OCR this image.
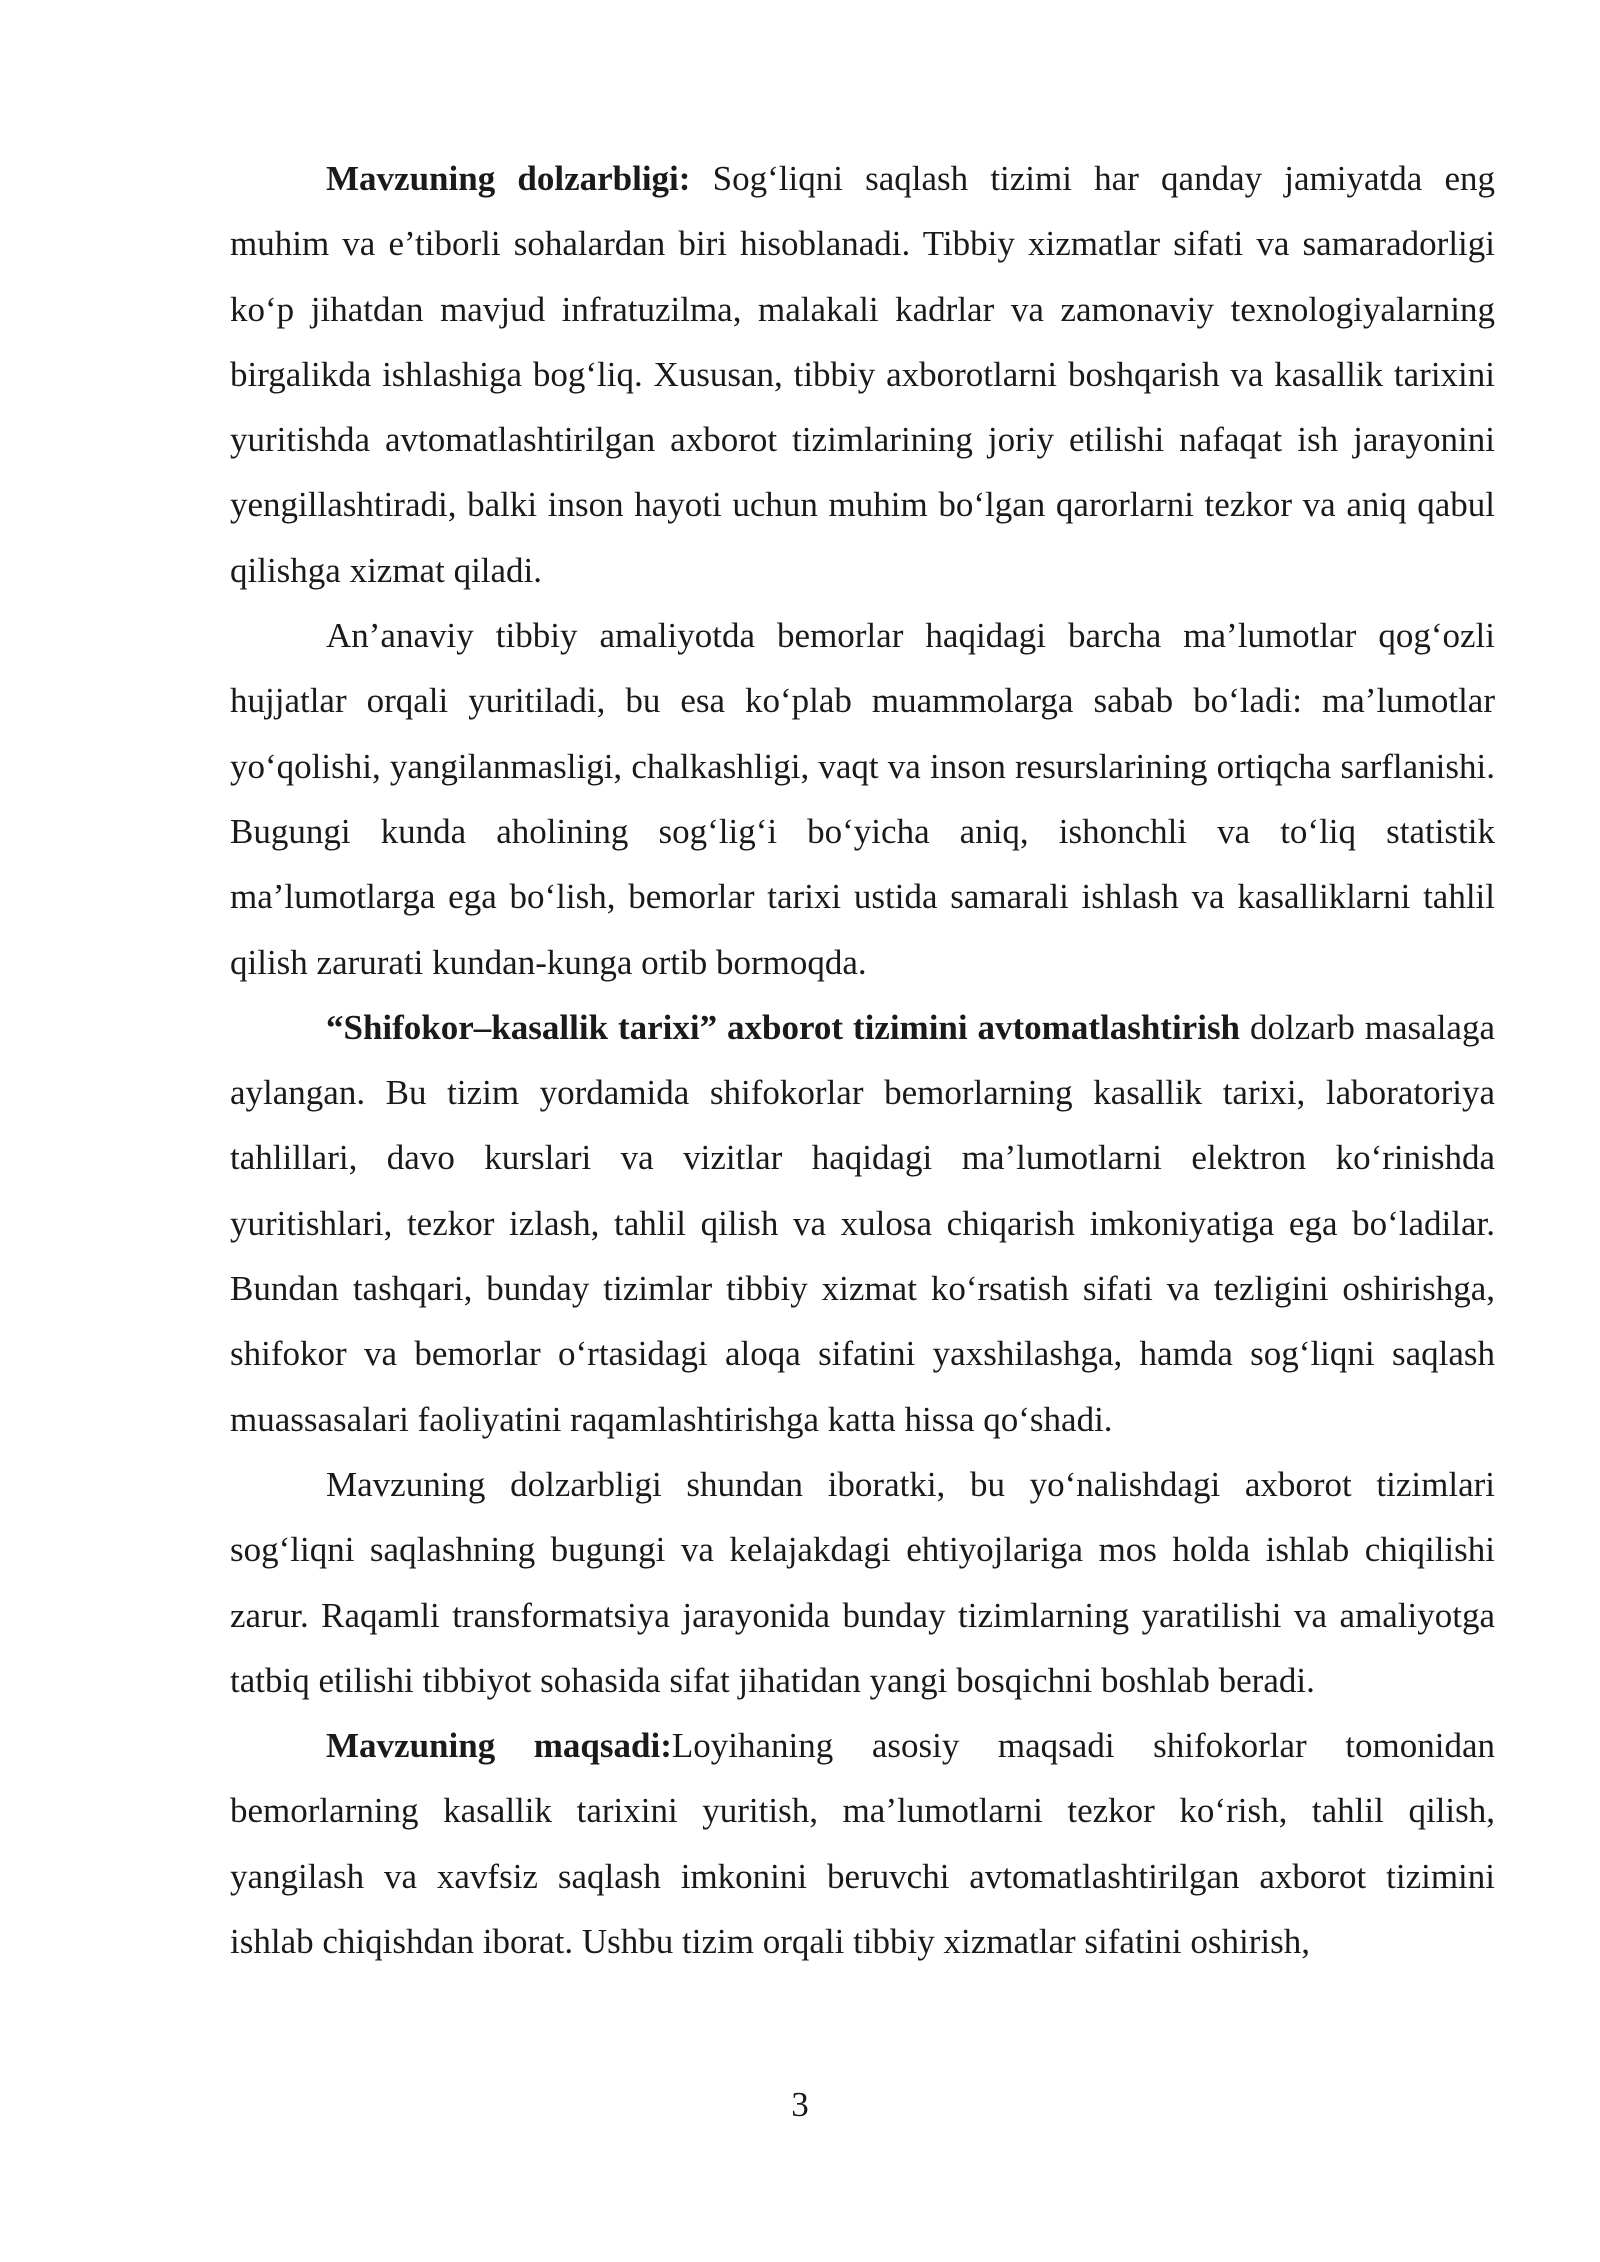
Mavzuning dolzarbligi: Sog‘liqni saqlash tizimi har qanday jamiyatda eng muhim va e’tiborli sohalardan biri hisoblanadi. Tibbiy xizmatlar sifati va samaradorligi ko‘p jihatdan mavjud infratuzilma, malakali kadrlar va zamonaviy texnologiyalarning birgalikda ishlashiga bog‘liq. Xususan, tibbiy axborotlarni boshqarish va kasallik tarixini yuritishda avtomatlashtirilgan axborot tizimlarining joriy etilishi nafaqat ish jarayonini yengillashtiradi, balki inson hayoti uchun muhim bo‘lgan qarorlarni tezkor va aniq qabul qilishga xizmat qiladi.

An’anaviy tibbiy amaliyotda bemorlar haqidagi barcha ma’lumotlar qog‘ozli hujjatlar orqali yuritiladi, bu esa ko‘plab muammolarga sabab bo‘ladi: ma’lumotlar yo‘qolishi, yangilanmasligi, chalkashligi, vaqt va inson resurslarining ortiqcha sarflanishi. Bugungi kunda aholining sog‘lig‘i bo‘yicha aniq, ishonchli va to‘liq statistik ma’lumotlarga ega bo‘lish, bemorlar tarixi ustida samarali ishlash va kasalliklarni tahlil qilish zarurati kundan-kunga ortib bormoqda.

“Shifokor–kasallik tarixi” axborot tizimini avtomatlashtirish dolzarb masalaga aylangan. Bu tizim yordamida shifokorlar bemorlarning kasallik tarixi, laboratoriya tahlillari, davo kurslari va vizitlar haqidagi ma’lumotlarni elektron ko‘rinishda yuritishlari, tezkor izlash, tahlil qilish va xulosa chiqarish imkoniyatiga ega bo‘ladilar. Bundan tashqari, bunday tizimlar tibbiy xizmat ko‘rsatish sifati va tezligini oshirishga, shifokor va bemorlar o‘rtasidagi aloqa sifatini yaxshilashga, hamda sog‘liqni saqlash muassasalari faoliyatini raqamlashtirishga katta hissa qo‘shadi.

Mavzuning dolzarbligi shundan iboratki, bu yo‘nalishdagi axborot tizimlari sog‘liqni saqlashning bugungi va kelajakdagi ehtiyojlariga mos holda ishlab chiqilishi zarur. Raqamli transformatsiya jarayonida bunday tizimlarning yaratilishi va amaliyotga tatbiq etilishi tibbiyot sohasida sifat jihatidan yangi bosqichni boshlab beradi.

Mavzuning maqsadi:Loyihaning asosiy maqsadi shifokorlar tomonidan bemorlarning kasallik tarixini yuritish, ma’lumotlarni tezkor ko‘rish, tahlil qilish, yangilash va xavfsiz saqlash imkonini beruvchi avtomatlashtirilgan axborot tizimini ishlab chiqishdan iborat. Ushbu tizim orqali tibbiy xizmatlar sifatini oshirish,

3
